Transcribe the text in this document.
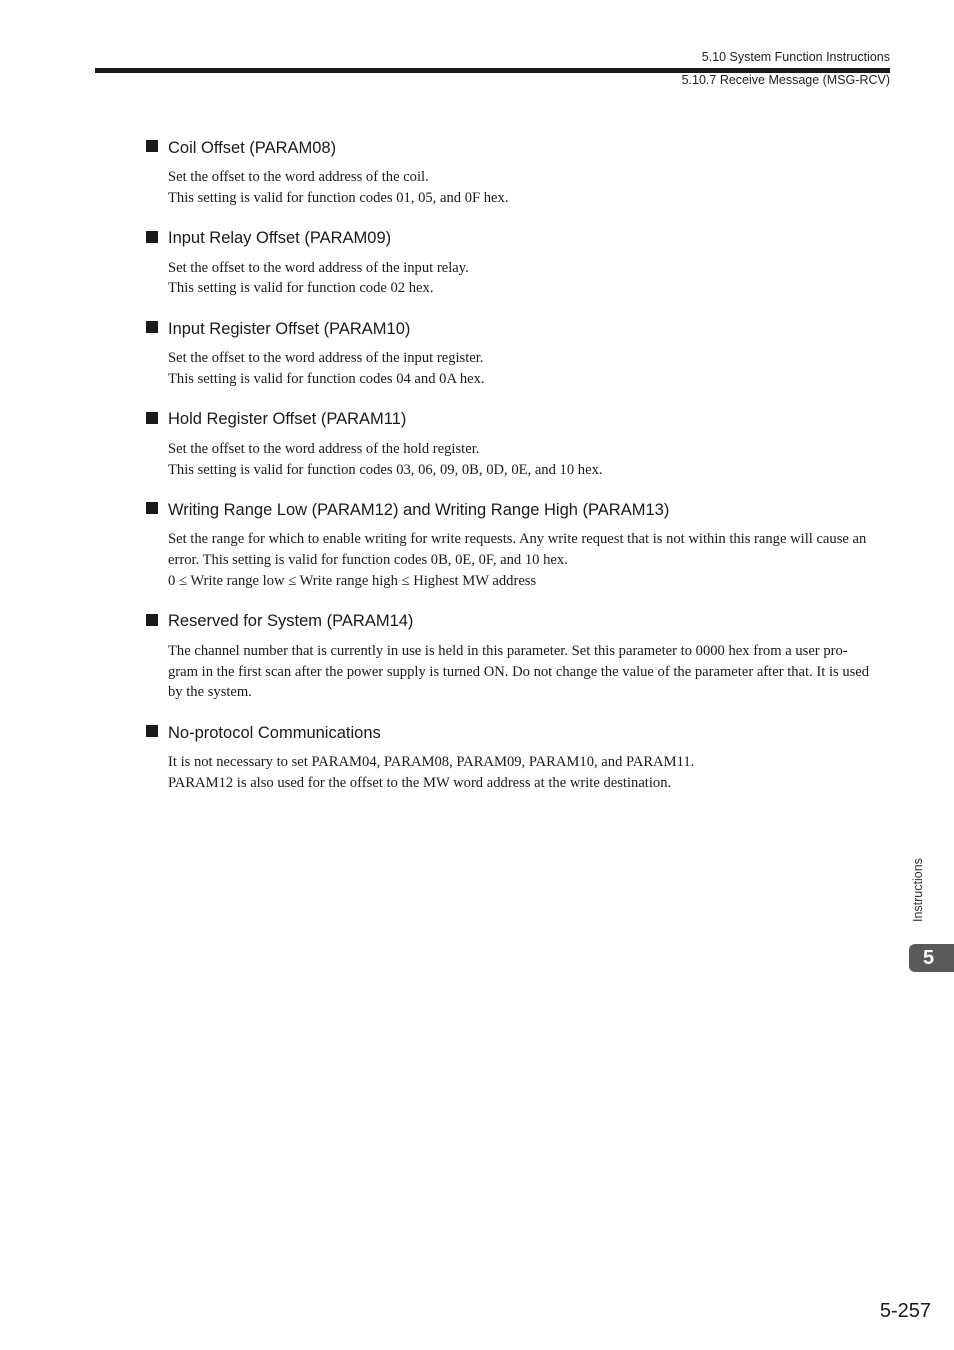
5.10 System Function Instructions
5.10.7 Receive Message (MSG-RCV)
Coil Offset (PARAM08)

Set the offset to the word address of the coil.

This setting is valid for function codes 01, 05, and 0F hex.

Input Relay Offset (PARAM09)

Set the offset to the word address of the input relay.

This setting is valid for function code 02 hex.

Input Register Offset (PARAM10)

Set the offset to the word address of the input register.

This setting is valid for function codes 04 and 0A hex.

Hold Register Offset (PARAM11)

Set the offset to the word address of the hold register.

This setting is valid for function codes 03, 06, 09, 0B, 0D, 0E, and 10 hex.

Writing Range Low (PARAM12) and Writing Range High (PARAM13)

Set the range for which to enable writing for write requests. Any write request that is not within this range will cause an

error. This setting is valid for function codes 0B, 0E, 0F, and 10 hex.

0 ≤ Write range low ≤ Write range high ≤ Highest MW address

Reserved for System (PARAM14)

The channel number that is currently in use is held in this parameter. Set this parameter to 0000 hex from a user pro-

gram in the first scan after the power supply is turned ON. Do not change the value of the parameter after that. It is used

by the system.

No-protocol Communications

It is not necessary to set PARAM04, PARAM08, PARAM09, PARAM10, and PARAM11.

PARAM12 is also used for the offset to the MW word address at the write destination.

Instructions
5
5-257
